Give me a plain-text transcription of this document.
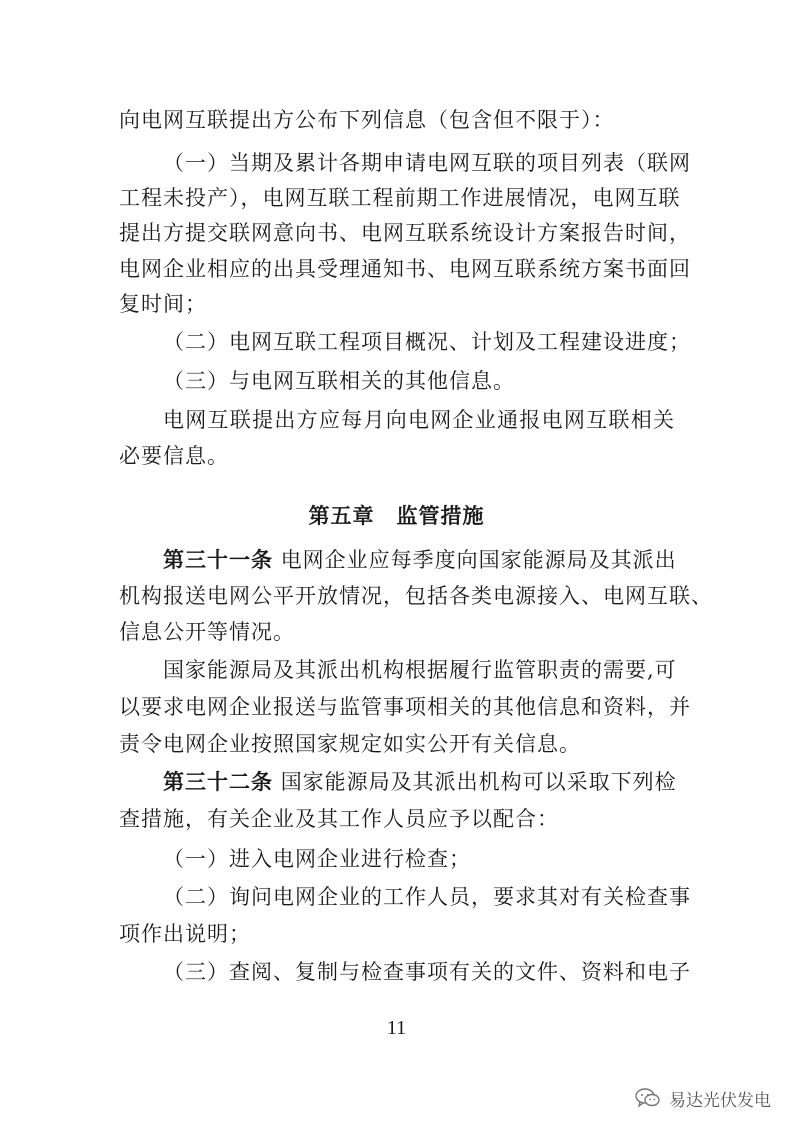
向电网互联提出方公布下列信息（包含但不限于）：
（一）当期及累计各期申请电网互联的项目列表（联网
工程未投产），电网互联工程前期工作进展情况，电网互联
提出方提交联网意向书、电网互联系统设计方案报告时间，
电网企业相应的出具受理通知书、电网互联系统方案书面回
复时间；
（二）电网互联工程项目概况、计划及工程建设进度；
（三）与电网互联相关的其他信息。
电网互联提出方应每月向电网企业通报电网互联相关
必要信息。
第五章　监管措施
第三十一条 电网企业应每季度向国家能源局及其派出
机构报送电网公平开放情况，包括各类电源接入、电网互联、
信息公开等情况。
国家能源局及其派出机构根据履行监管职责的需要,可
以要求电网企业报送与监管事项相关的其他信息和资料，并
责令电网企业按照国家规定如实公开有关信息。
第三十二条 国家能源局及其派出机构可以采取下列检
查措施，有关企业及其工作人员应予以配合：
（一）进入电网企业进行检查；
（二）询问电网企业的工作人员，要求其对有关检查事
项作出说明；
（三）查阅、复制与检查事项有关的文件、资料和电子
11
易达光伏发电
